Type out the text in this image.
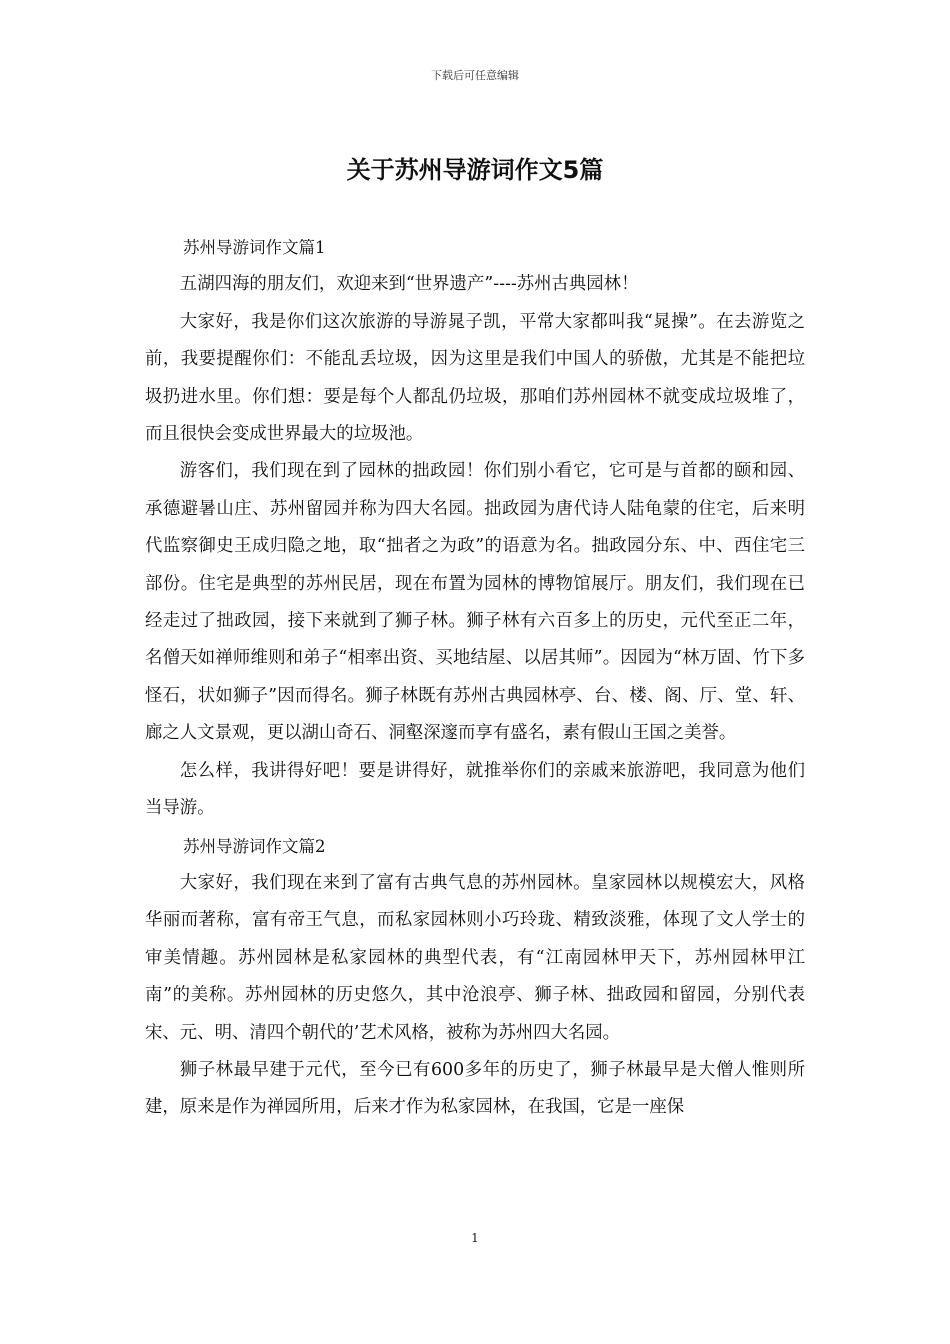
下载后可任意编辑
关于苏州导游词作文5篇

苏州导游词作文篇1

五湖四海的朋友们，欢迎来到“世界遗产”----苏州古典园林！

大家好，我是你们这次旅游的导游晁子凯，平常大家都叫我“晁操”。在去游览之前，我要提醒你们：不能乱丢垃圾，因为这里是我们中国人的骄傲，尤其是不能把垃圾扔进水里。你们想：要是每个人都乱仍垃圾，那咱们苏州园林不就变成垃圾堆了，而且很快会变成世界最大的垃圾池。

游客们，我们现在到了园林的拙政园！你们别小看它，它可是与首都的颐和园、承德避暑山庄、苏州留园并称为四大名园。拙政园为唐代诗人陆龟蒙的住宅，后来明代监察御史王成归隐之地，取“拙者之为政”的语意为名。拙政园分东、中、西住宅三部份。住宅是典型的苏州民居，现在布置为园林的博物馆展厅。朋友们，我们现在已经走过了拙政园，接下来就到了狮子林。狮子林有六百多上的历史，元代至正二年，名僧天如禅师维则和弟子“相率出资、买地结屋、以居其师”。因园为“林万固、竹下多怪石，状如狮子”因而得名。狮子林既有苏州古典园林亭、台、楼、阁、厅、堂、轩、廊之人文景观，更以湖山奇石、洞壑深邃而享有盛名，素有假山王国之美誉。

怎么样，我讲得好吧！要是讲得好，就推举你们的亲戚来旅游吧，我同意为他们当导游。

苏州导游词作文篇2

大家好，我们现在来到了富有古典气息的苏州园林。皇家园林以规模宏大，风格华丽而著称，富有帝王气息，而私家园林则小巧玲珑、精致淡雅，体现了文人学士的审美情趣。苏州园林是私家园林的典型代表，有“江南园林甲天下，苏州园林甲江南”的美称。苏州园林的历史悠久，其中沧浪亭、狮子林、拙政园和留园，分别代表宋、元、明、清四个朝代的’艺术风格，被称为苏州四大名园。

狮子林最早建于元代，至今已有600多年的历史了，狮子林最早是大僧人惟则所建，原来是作为禅园所用，后来才作为私家园林，在我国，它是一座保

1
